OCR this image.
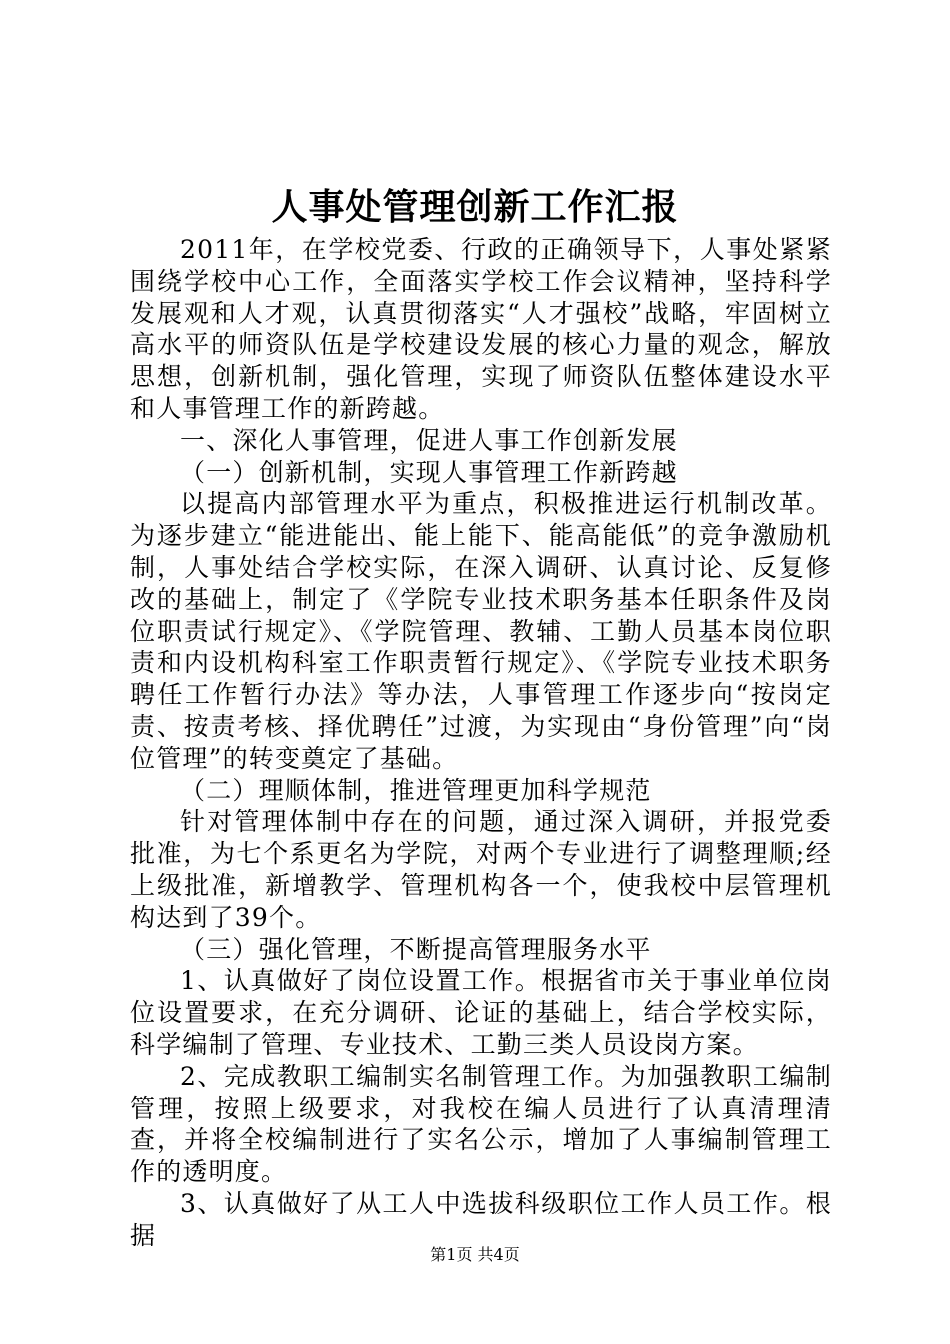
人事处管理创新工作汇报

2011年，在学校党委、行政的正确领导下，人事处紧紧围绕学校中心工作，全面落实学校工作会议精神，坚持科学发展观和人才观，认真贯彻落实“人才强校”战略，牢固树立高水平的师资队伍是学校建设发展的核心力量的观念，解放思想，创新机制，强化管理，实现了师资队伍整体建设水平和人事管理工作的新跨越。

一、深化人事管理，促进人事工作创新发展

（一）创新机制，实现人事管理工作新跨越

以提高内部管理水平为重点，积极推进运行机制改革。为逐步建立“能进能出、能上能下、能高能低”的竞争激励机制，人事处结合学校实际，在深入调研、认真讨论、反复修改的基础上，制定了《学院专业技术职务基本任职条件及岗位职责试行规定》、《学院管理、教辅、工勤人员基本岗位职责和内设机构科室工作职责暂行规定》、《学院专业技术职务聘任工作暂行办法》等办法，人事管理工作逐步向“按岗定责、按责考核、择优聘任”过渡，为实现由“身份管理”向“岗位管理”的转变奠定了基础。

（二）理顺体制，推进管理更加科学规范

针对管理体制中存在的问题，通过深入调研，并报党委批准，为七个系更名为学院，对两个专业进行了调整理顺;经上级批准，新增教学、管理机构各一个，使我校中层管理机构达到了39个。

（三）强化管理，不断提高管理服务水平

1、认真做好了岗位设置工作。根据省市关于事业单位岗位设置要求，在充分调研、论证的基础上，结合学校实际，科学编制了管理、专业技术、工勤三类人员设岗方案。

2、完成教职工编制实名制管理工作。为加强教职工编制管理，按照上级要求，对我校在编人员进行了认真清理清查，并将全校编制进行了实名公示，增加了人事编制管理工作的透明度。

3、认真做好了从工人中选拔科级职位工作人员工作。根据

第1页 共4页
